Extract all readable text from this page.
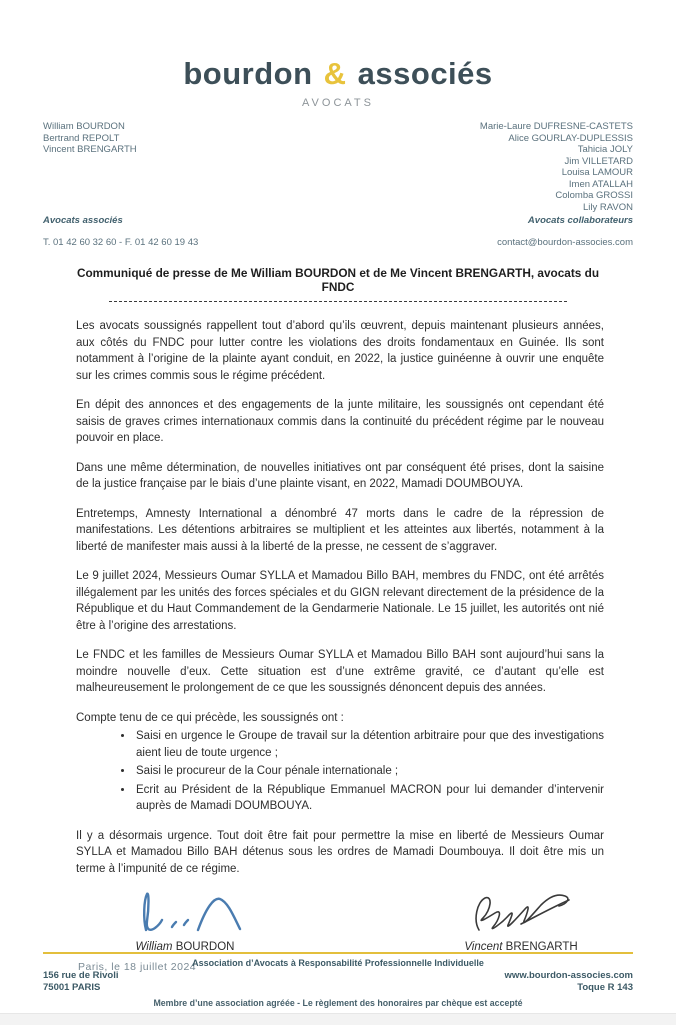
bourdon & associés
AVOCATS
William BOURDON
Bertrand REPOLT
Vincent BRENGARTH
Avocats associés
T. 01 42 60 32 60 - F. 01 42 60 19 43
Marie-Laure DUFRESNE-CASTETS
Alice GOURLAY-DUPLESSIS
Tahicia JOLY
Jim VILLETARD
Louisa LAMOUR
Imen ATALLAH
Colomba GROSSI
Lily RAVON
Avocats collaborateurs
contact@bourdon-associes.com
Communiqué de presse de Me William BOURDON et de Me Vincent BRENGARTH, avocats du FNDC

Les avocats soussignés rappellent tout d’abord qu’ils œuvrent, depuis maintenant plusieurs années, aux côtés du FNDC pour lutter contre les violations des droits fondamentaux en Guinée. Ils sont notamment à l’origine de la plainte ayant conduit, en 2022, la justice guinéenne à ouvrir une enquête sur les crimes commis sous le régime précédent.

En dépit des annonces et des engagements de la junte militaire, les soussignés ont cependant été saisis de graves crimes internationaux commis dans la continuité du précédent régime par le nouveau pouvoir en place.

Dans une même détermination, de nouvelles initiatives ont par conséquent été prises, dont la saisine de la justice française par le biais d’une plainte visant, en 2022, Mamadi DOUMBOUYA.

Entretemps, Amnesty International a dénombré 47 morts dans le cadre de la répression de manifestations. Les détentions arbitraires se multiplient et les atteintes aux libertés, notamment à la liberté de manifester mais aussi à la liberté de la presse, ne cessent de s’aggraver.

Le 9 juillet 2024, Messieurs Oumar SYLLA et Mamadou Billo BAH, membres du FNDC, ont été arrêtés illégalement par les unités des forces spéciales et du GIGN relevant directement de la présidence de la République et du Haut Commandement de la Gendarmerie Nationale. Le 15 juillet, les autorités ont nié être à l’origine des arrestations.

Le FNDC et les familles de Messieurs Oumar SYLLA et Mamadou Billo BAH sont aujourd’hui sans la moindre nouvelle d’eux. Cette situation est d’une extrême gravité, ce d’autant qu’elle est malheureusement le prolongement de ce que les soussignés dénoncent depuis des années.

Compte tenu de ce qui précède, les soussignés ont :

• Saisi en urgence le Groupe de travail sur la détention arbitraire pour que des investigations aient lieu de toute urgence ;
• Saisi le procureur de la Cour pénale internationale ;
• Ecrit au Président de la République Emmanuel MACRON pour lui demander d’intervenir auprès de Mamadi DOUMBOUYA.

Il y a désormais urgence. Tout doit être fait pour permettre la mise en liberté de Messieurs Oumar SYLLA et Mamadou Billo BAH détenus sous les ordres de Mamadi Doumbouya. Il doit être mis un terme à l’impunité de ce régime.

William BOURDON	Vincent BRENGARTH
Paris, le 18 juillet 2024
Association d’Avocats à Responsabilité Professionnelle Individuelle
156 rue de Rivoli
75001 PARIS
www.bourdon-associes.com
Toque R 143
Membre d’une association agréée - Le règlement des honoraires par chèque est accepté
